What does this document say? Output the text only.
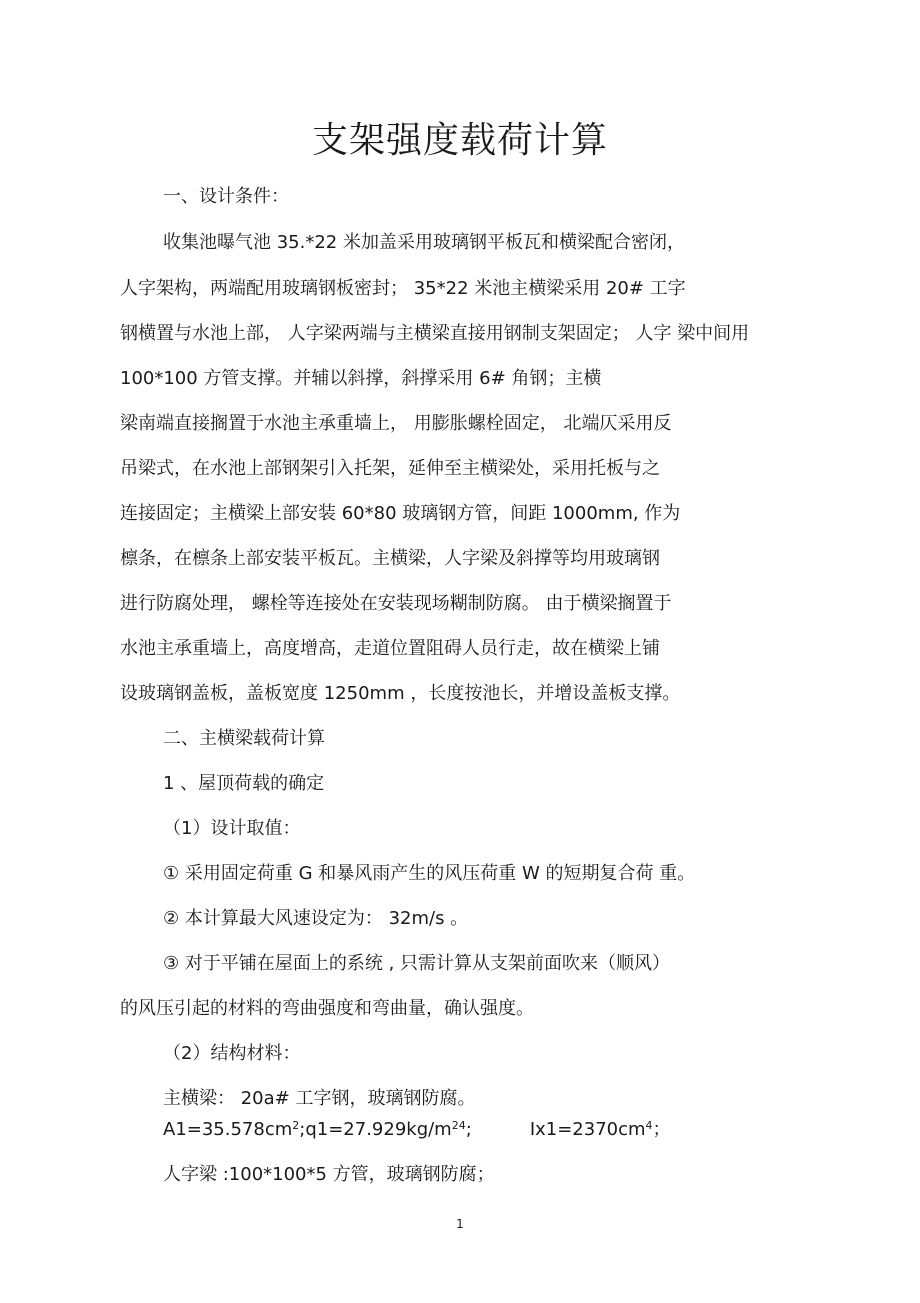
支架强度载荷计算
一、设计条件：
收集池曝气池 35.*22 米加盖采用玻璃钢平板瓦和横梁配合密闭，
人字架构，两端配用玻璃钢板密封； 35*22 米池主横梁采用 20# 工字
钢横置与水池上部， 人字梁两端与主横梁直接用钢制支架固定； 人字 梁中间用
100*100 方管支撑。并辅以斜撑，斜撑采用 6# 角钢；主横
梁南端直接搁置于水池主承重墙上， 用膨胀螺栓固定， 北端仄采用反
吊梁式，在水池上部钢架引入托架，延伸至主横梁处，采用托板与之
连接固定；主横梁上部安装 60*80 玻璃钢方管，间距 1000mm, 作为
檩条，在檩条上部安装平板瓦。主横梁，人字梁及斜撑等均用玻璃钢
进行防腐处理， 螺栓等连接处在安装现场糊制防腐。 由于横梁搁置于
水池主承重墙上，高度增高，走道位置阻碍人员行走，故在横梁上铺
设玻璃钢盖板，盖板宽度 1250mm ，长度按池长，并增设盖板支撑。
二、主横梁载荷计算
1 、屋顶荷载的确定
（1）设计取值：
① 采用固定荷重 G 和暴风雨产生的风压荷重 W 的短期复合荷 重。
② 本计算最大风速设定为： 32m/s 。
③ 对于平铺在屋面上的系统 , 只需计算从支架前面吹来（顺风）
的风压引起的材料的弯曲强度和弯曲量，确认强度。
（2）结构材料：
主横梁： 20a# 工字钢，玻璃钢防腐。
$A1=35.578cm^2;q1=27.929kg/m^{24}$;	$Ix1=2370cm^4$；
人字梁 :100*100*5 方管，玻璃钢防腐；
1
